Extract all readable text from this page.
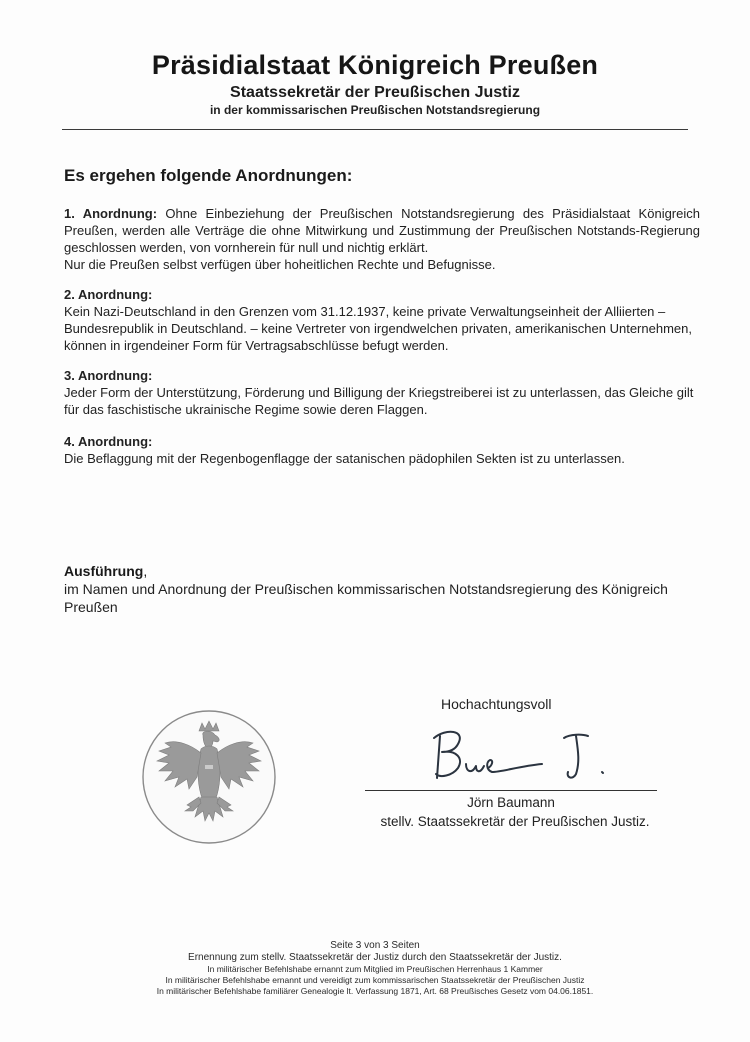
Präsidialstaat Königreich Preußen
Staatssekretär der Preußischen Justiz
in der kommissarischen Preußischen Notstandsregierung
Es ergehen folgende Anordnungen:
1. Anordnung: Ohne Einbeziehung der Preußischen Notstandsregierung des Präsidialstaat Königreich Preußen, werden alle Verträge die ohne Mitwirkung und Zustimmung der Preußischen Notstands-Regierung geschlossen werden, von vornherein für null und nichtig erklärt.
Nur die Preußen selbst verfügen über hoheitlichen Rechte und Befugnisse.
2. Anordnung:
Kein Nazi-Deutschland in den Grenzen vom 31.12.1937, keine private Verwaltungseinheit der Alliierten – Bundesrepublik in Deutschland. – keine Vertreter von irgendwelchen privaten, amerikanischen Unternehmen, können in irgendeiner Form für Vertragsabschlüsse befugt werden.
3. Anordnung:
Jeder Form der Unterstützung, Förderung und Billigung der Kriegstreiberei ist zu unterlassen, das Gleiche gilt für das faschistische ukrainische Regime sowie deren Flaggen.
4. Anordnung:
Die Beflaggung mit der Regenbogenflagge der satanischen pädophilen Sekten ist zu unterlassen.
Ausführung,
im Namen und Anordnung der Preußischen kommissarischen Notstandsregierung des Königreich Preußen
Hochachtungsvoll
Jörn Baumann
stellv. Staatssekretär der Preußischen Justiz.
Seite 3 von 3 Seiten
Ernennung zum stellv. Staatssekretär der Justiz durch den Staatssekretär der Justiz.
In militärischer Befehlshabe ernannt zum Mitglied im Preußischen Herrenhaus 1 Kammer
In militärischer Befehlshabe ernannt und vereidigt zum kommissarischen Staatssekretär der Preußischen Justiz
In militärischer Befehlshabe familiärer Genealogie lt. Verfassung 1871, Art. 68 Preußisches Gesetz vom 04.06.1851.
